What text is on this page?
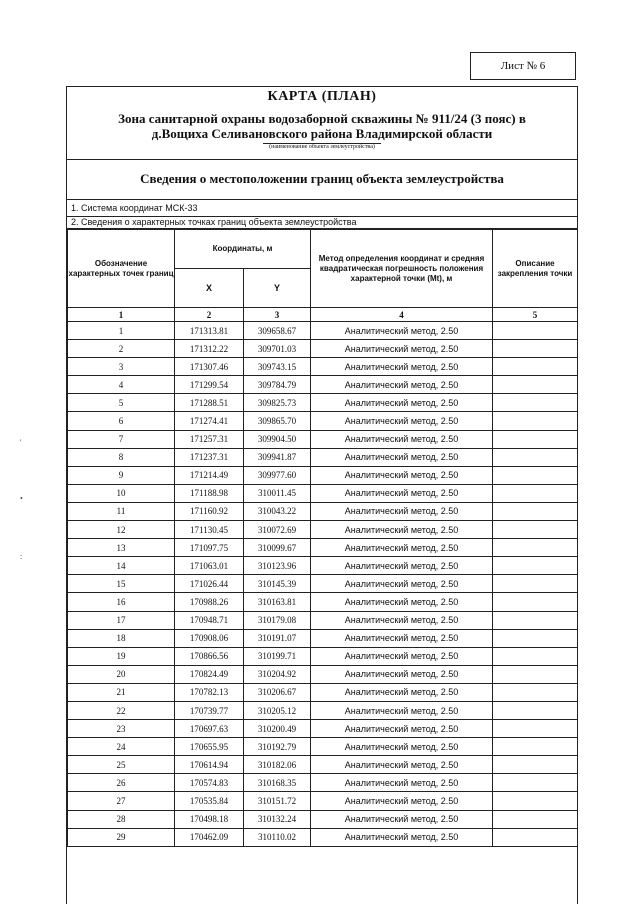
Лист № 6
'
•
:
КАРТА (ПЛАН)
Зона санитарной охраны водозаборной скважины № 911/24 (3 пояс) в
д.Вощиха Селивановского района Владимирской области
(наименование объекта землеустройства)
Сведения о местоположении границ объекта землеустройства
1. Система координат МСК-33
2. Сведения о характерных точках границ объекта землеустройства
Обозначение характерных точек границ	Координаты, м		Метод определения координат и средняя квадратическая погрешность положения характерной точки (Mt), м	Описание закрепления точки
	X	Y		
1	2	3	4	5
1	171313.81	309658.67	Аналитический метод, 2.50	
2	171312.22	309701.03	Аналитический метод, 2.50	
3	171307.46	309743.15	Аналитический метод, 2.50	
4	171299.54	309784.79	Аналитический метод, 2.50	
5	171288.51	309825.73	Аналитический метод, 2.50	
6	171274.41	309865.70	Аналитический метод, 2.50	
7	171257.31	309904.50	Аналитический метод, 2.50	
8	171237.31	309941.87	Аналитический метод, 2.50	
9	171214.49	309977.60	Аналитический метод, 2.50	
10	171188.98	310011.45	Аналитический метод, 2.50	
11	171160.92	310043.22	Аналитический метод, 2.50	
12	171130.45	310072.69	Аналитический метод, 2.50	
13	171097.75	310099.67	Аналитический метод, 2.50	
14	171063.01	310123.96	Аналитический метод, 2.50	
15	171026.44	310145.39	Аналитический метод, 2.50	
16	170988.26	310163.81	Аналитический метод, 2.50	
17	170948.71	310179.08	Аналитический метод, 2.50	
18	170908.06	310191.07	Аналитический метод, 2.50	
19	170866.56	310199.71	Аналитический метод, 2.50	
20	170824.49	310204.92	Аналитический метод, 2.50	
21	170782.13	310206.67	Аналитический метод, 2.50	
22	170739.77	310205.12	Аналитический метод, 2.50	
23	170697.63	310200.49	Аналитический метод, 2.50	
24	170655.95	310192.79	Аналитический метод, 2.50	
25	170614.94	310182.06	Аналитический метод, 2.50	
26	170574.83	310168.35	Аналитический метод, 2.50	
27	170535.84	310151.72	Аналитический метод, 2.50	
28	170498.18	310132.24	Аналитический метод, 2.50	
29	170462.09	310110.02	Аналитический метод, 2.50	
